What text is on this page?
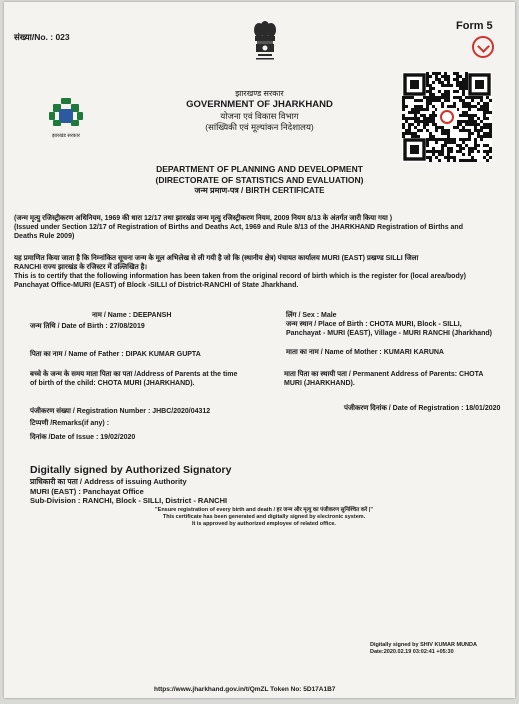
संख्या/No. : 023
Form 5
झारखण्ड सरकार
GOVERNMENT OF JHARKHAND
योजना एवं विकास विभाग
(सांख्यिकी एवं मूल्यांकन निदेशालय)
झारखंड सरकार
DEPARTMENT OF PLANNING AND DEVELOPMENT
(DIRECTORATE OF STATISTICS AND EVALUATION)
जन्म प्रमाण-पत्र / BIRTH CERTIFICATE
(जन्म मृत्यु रजिस्ट्रीकरण अधिनियम, 1969 की धारा 12/17 तथा झारखंड जन्म मृत्यु रजिस्ट्रीकरण नियम, 2009 नियम 8/13 के अंतर्गत जारी किया गया )
(Issued under Section 12/17 of Registration of Births and Deaths Act, 1969 and Rule 8/13 of the JHARKHAND Registration of Births and
Deaths Rule 2009)
यह प्रमाणित किया जाता है कि निम्नांकित सूचना जन्म के मूल अभिलेख से ली गयी है जो कि (स्थानीय क्षेत्र) पंचायत कार्यालय MURI (EAST) प्रखण्ड SILLI जिला
RANCHI राज्य झारखंड के रजिस्टर में उल्लिखित है।
This is to certify that the following information has been taken from the original record of birth which is the register for (local area/body)
Panchayat Office-MURI (EAST) of Block -SILLI of District-RANCHI of State Jharkhand.
नाम / Name : DEEPANSH
जन्म तिथि / Date of Birth : 27/08/2019
लिंग / Sex : Male
जन्म स्थान / Place of Birth : CHOTA MURI, Block - SILLI,
Panchayat - MURI (EAST), Village - MURI RANCHI (Jharkhand)
पिता का नाम / Name of Father : DIPAK KUMAR GUPTA	माता का नाम / Name of Mother : KUMARI KARUNA
बच्चे के जन्म के समय माता पिता का पता /Address of Parents at the time
of birth of the child: CHOTA MURI (JHARKHAND).
माता पिता का स्थायी पता / Permanent Address of Parents: CHOTA
MURI (JHARKHAND).
पंजीकरण संख्या / Registration Number : JHBC/2020/04312	पंजीकरण दिनांक / Date of Registration : 18/01/2020
टिप्पणी /Remarks(if any) :
दिनांक /Date of Issue : 19/02/2020
Digitally signed by Authorized Signatory
प्राधिकारी का पता / Address of issuing Authority
MURI (EAST) : Panchayat Office
Sub-Division : RANCHI, Block - SILLI, District - RANCHI
"Ensure registration of every birth and death / हर जन्म और मृत्यु का पंजीकरण सुनिश्चित करे |"
This certificate has been generated and digitally signed by electronic system.
It is approved by authorized employee of related office.
Digitally signed by SHIV KUMAR MUNDA
Date:2020.02.19 03:02:41 +05:30
https://www.jharkhand.gov.in/t/QmZL Token No: 5D17A1B7
